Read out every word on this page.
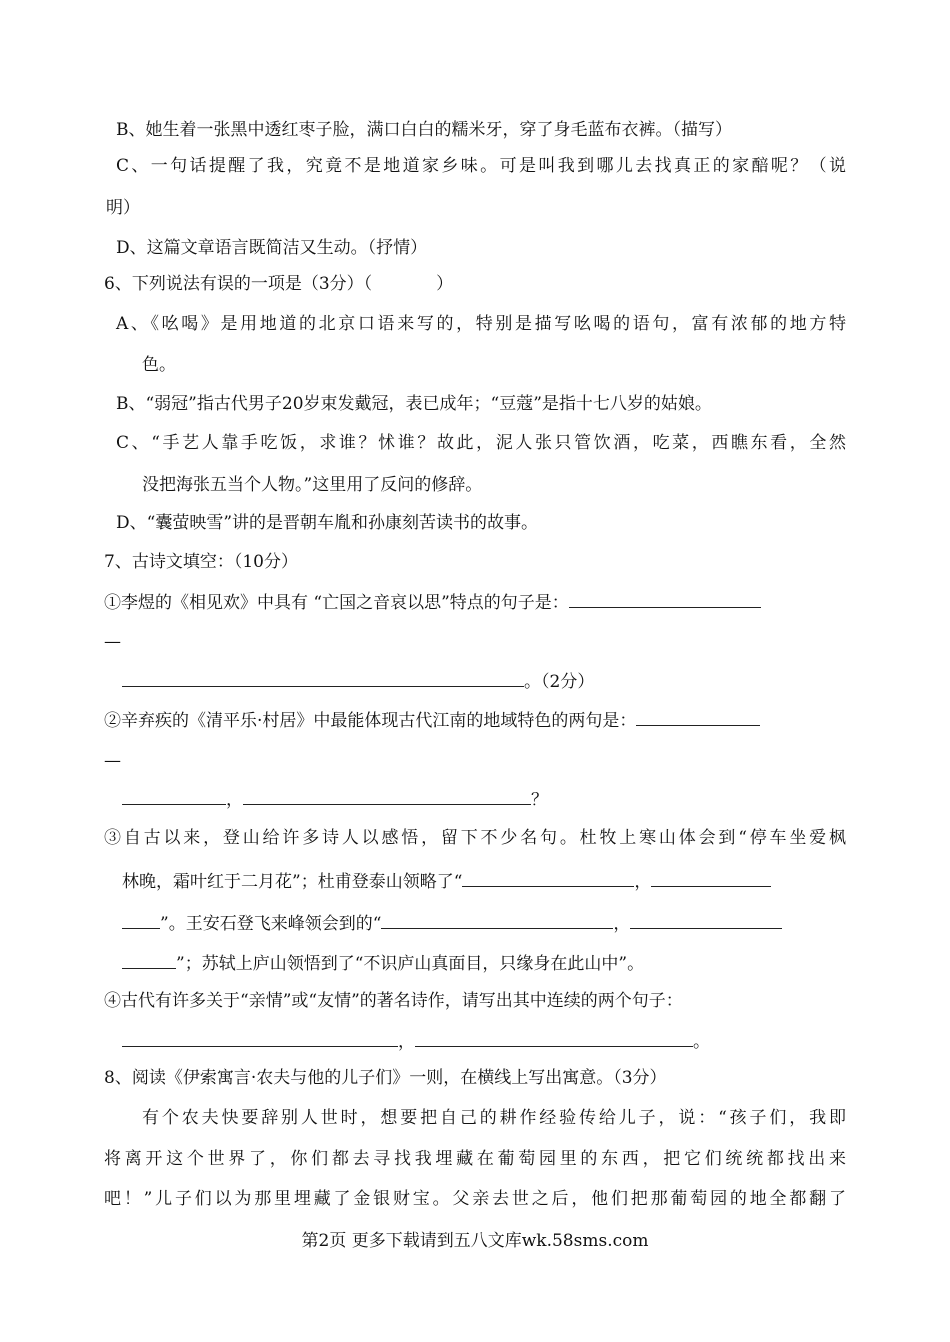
B、她生着一张黑中透红枣子脸，满口白白的糯米牙，穿了身毛蓝布衣裤。（描写）
C、一句话提醒了我，究竟不是地道家乡味。可是叫我到哪儿去找真正的家醅呢？（说
明）
D、这篇文章语言既简洁又生动。（抒情）
6、下列说法有误的一项是（3分）（	）
A、《吆喝》是用地道的北京口语来写的，特别是描写吆喝的语句，富有浓郁的地方特
色。
B、“弱冠”指古代男子20岁束发戴冠，表已成年；“豆蔻”是指十七八岁的姑娘。
C、“手艺人靠手吃饭，求谁？怵谁？故此，泥人张只管饮酒，吃菜，西瞧东看，全然
没把海张五当个人物。”这里用了反问的修辞。
D、“囊萤映雪”讲的是晋朝车胤和孙康刻苦读书的故事。
7、古诗文填空：（10分）
①李煜的《相见欢》中具有 “亡国之音哀以思”特点的句子是：
—
。（2分）
②辛弃疾的《清平乐·村居》中最能体现古代江南的地域特色的两句是：
—
，	？
③自古以来，登山给许多诗人以感悟，留下不少名句。杜牧上寒山体会到“停车坐爱枫
林晚，霜叶红于二月花”；杜甫登泰山领略了“	，
”。王安石登飞来峰领会到的“	，
”；苏轼上庐山领悟到了“不识庐山真面目，只缘身在此山中”。
④古代有许多关于“亲情”或“友情”的著名诗作，请写出其中连续的两个句子：
，	。
8、阅读《伊索寓言·农夫与他的儿子们》一则，在横线上写出寓意。（3分）
有个农夫快要辞别人世时，想要把自己的耕作经验传给儿子，说：“孩子们，我即
将离开这个世界了，你们都去寻找我埋藏在葡萄园里的东西，把它们统统都找出来
吧！”儿子们以为那里埋藏了金银财宝。父亲去世之后，他们把那葡萄园的地全都翻了
第2页 更多下载请到五八文库wk.58sms.com
